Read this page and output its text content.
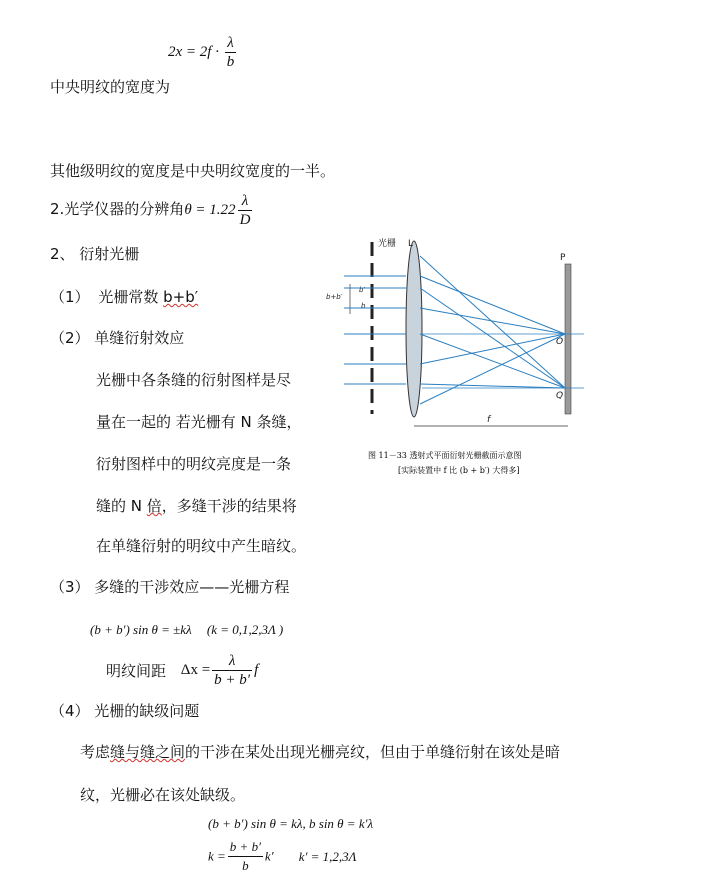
$2x = 2f \cdot \frac{\lambda}{b}$
中央明纹的宽度为
其他级明纹的宽度是中央明纹宽度的一半。
2.光学仪器的分辨角$\theta = 1.22 \frac{\lambda}{D}$
2、 衍射光栅
（1） 光栅常数 b+b′
（2） 单缝衍射效应
光栅中各条缝的衍射图样是尽
量在一起的 若光栅有 N 条缝，
衍射图样中的明纹亮度是一条
缝的 N 倍，多缝干涉的结果将
在单缝衍射的明纹中产生暗纹。
（3） 多缝的干涉效应——光栅方程
(b + b′) sin θ = ±kλ (k = 0,1,2,3Λ )
明纹间距 $\Delta x = \frac{\lambda}{b + b'}$ f
（4） 光栅的缺级问题
考虑缝与缝之间的干涉在某处出现光栅亮纹，但由于单缝衍射在该处是暗
纹，光栅必在该处缺级。
(b + b′) sin θ = kλ, b sin θ = k′λ
$k = \frac{b + b'}{b} k'$ k′ = 1,2,3Λ
光栅
b+b′
b′
b
L
P
O
Q
f
图 11－33 透射式平面衍射光栅截面示意图
[实际装置中 f 比 (b + b′) 大得多]
